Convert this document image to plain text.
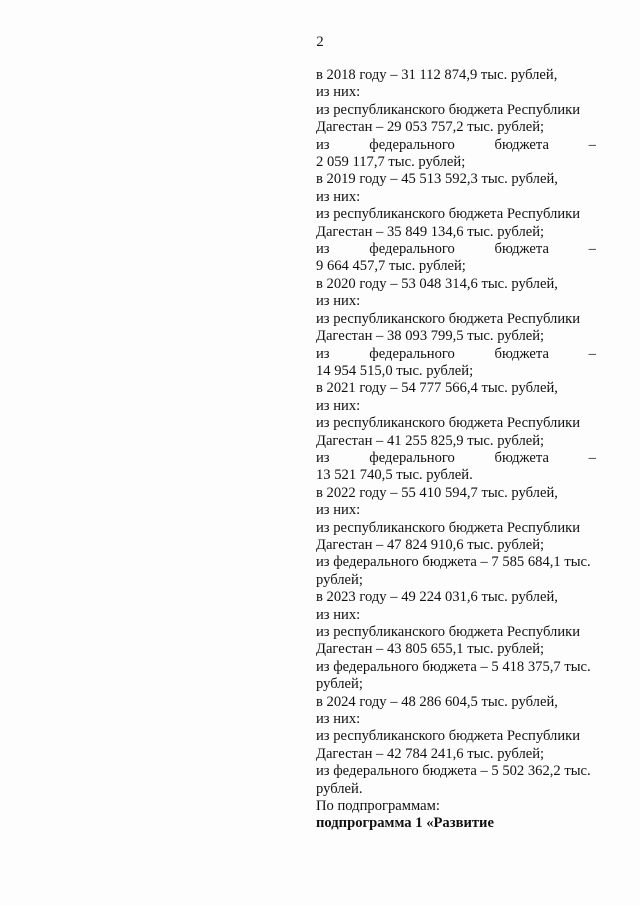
2
в 2018 году – 31 112 874,9 тыс. рублей,
из них:
из республиканского бюджета Республики
Дагестан – 29 053 757,2 тыс. рублей;
из	федерального	бюджета	–
2 059 117,7 тыс. рублей;
в 2019 году – 45 513 592,3 тыс. рублей,
из них:
из республиканского бюджета Республики
Дагестан – 35 849 134,6 тыс. рублей;
из	федерального	бюджета	–
9 664 457,7 тыс. рублей;
в 2020 году – 53 048 314,6 тыс. рублей,
из них:
из республиканского бюджета Республики
Дагестан – 38 093 799,5 тыс. рублей;
из	федерального	бюджета	–
14 954 515,0 тыс. рублей;
в 2021 году – 54 777 566,4 тыс. рублей,
из них:
из республиканского бюджета Республики
Дагестан – 41 255 825,9 тыс. рублей;
из	федерального	бюджета	–
13 521 740,5 тыс. рублей.
в 2022 году – 55 410 594,7 тыс. рублей,
из них:
из республиканского бюджета Республики
Дагестан – 47 824 910,6 тыс. рублей;
из федерального бюджета – 7 585 684,1 тыс.
рублей;
в 2023 году – 49 224 031,6 тыс. рублей,
из них:
из республиканского бюджета Республики
Дагестан – 43 805 655,1 тыс. рублей;
из федерального бюджета – 5 418 375,7 тыс.
рублей;
в 2024 году – 48 286 604,5 тыс. рублей,
из них:
из республиканского бюджета Республики
Дагестан – 42 784 241,6 тыс. рублей;
из федерального бюджета – 5 502 362,2 тыс.
рублей.
По подпрограммам:
подпрограмма 1 «Развитие
